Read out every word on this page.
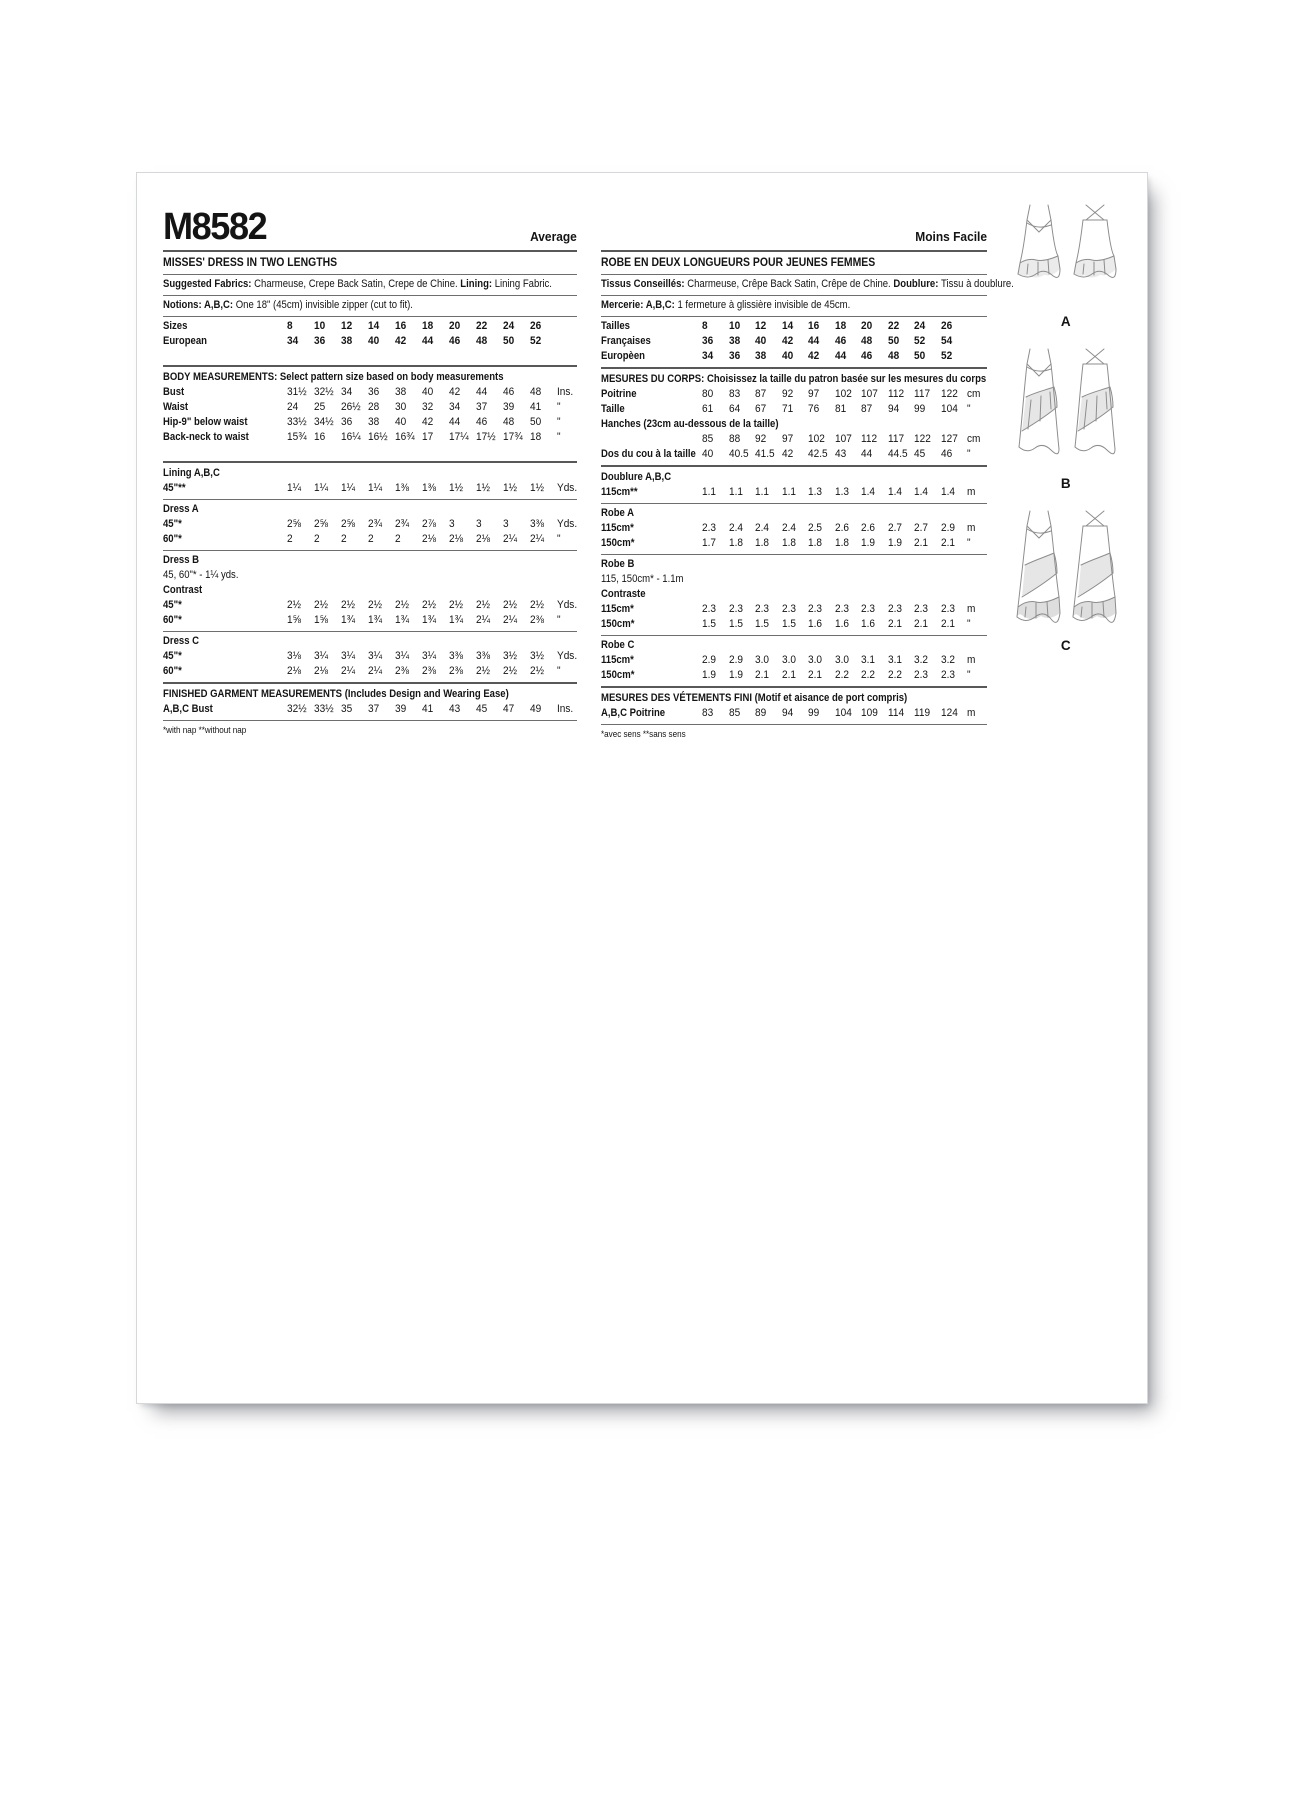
M8582	Average
MISSES' DRESS IN TWO LENGTHS
Suggested Fabrics: Charmeuse, Crepe Back Satin, Crepe de Chine. Lining: Lining Fabric.
Notions: A,B,C: One 18" (45cm) invisible zipper (cut to fit).
Sizes	8	10	12	14	16	18	20	22	24	26
European	34	36	38	40	42	44	46	48	50	52
BODY MEASUREMENTS: Select pattern size based on body measurements
Bust	31½ 32½ 34	36	38	40	42	44	46	48	Ins.
Waist	24	25	26½ 28	30	32	34	37	39	41	"
Hip-9" below waist	33½ 34½ 36	38	40	42	44	46	48	50	"
Back-neck to waist	15¾ 16	16¼ 16½ 16¾ 17	17¼ 17½ 17¾ 18	"
Lining A,B,C
45"**	1¼	1¼	1¼	1¼	1⅜	1⅜	1½	1½	1½	1½	Yds.
Dress A
45"*	2⅝	2⅝	2⅝	2¾	2¾	2⅞	3	3	3	3⅜	Yds.
60"*	2	2	2	2	2	2⅛	2⅛	2⅛	2¼	2¼	"
Dress B
45, 60"* - 1¼ yds.
Contrast
45"*	2½	2½	2½	2½	2½	2½	2½	2½	2½	2½	Yds.
60"*	1⅝	1⅝	1¾	1¾	1¾	1¾	1¾	2¼	2¼	2⅜	"
Dress C
45"*	3⅛	3¼	3¼	3¼	3¼	3¼	3⅜	3⅜	3½	3½	Yds.
60"*	2⅛	2⅛	2¼	2¼	2⅜	2⅜	2⅜	2½	2½	2½	"
FINISHED GARMENT MEASUREMENTS (Includes Design and Wearing Ease)
A,B,C Bust	32½ 33½ 35	37	39	41	43	45	47	49	Ins.
*with nap **without nap
Moins Facile
ROBE EN DEUX LONGUEURS POUR JEUNES FEMMES
Tissus Conseillés: Charmeuse, Crêpe Back Satin, Crêpe de Chine. Doublure: Tissu à doublure.
Mercerie: A,B,C: 1 fermeture à glissière invisible de 45cm.
Tailles	8	10	12	14	16	18	20	22	24	26
Françaises	36	38	40	42	44	46	48	50	52	54
Europèen	34	36	38	40	42	44	46	48	50	52
MESURES DU CORPS: Choisissez la taille du patron basée sur les mesures du corps
Poitrine	80	83	87	92	97	102 107 112 117 122 cm
Taille	61	64	67	71	76	81	87	94	99	104 "
Hanches (23cm au-dessous de la taille)
85	88	92	97	102 107 112 117 122 127 cm
Dos du cou à la taille 40	40.5 41.5 42	42.5 43	44	44.5 45	46	"
Doublure A,B,C
115cm**	1.1	1.1	1.1	1.1	1.3	1.3	1.4	1.4	1.4	1.4	m
Robe A
115cm*	2.3	2.4	2.4	2.4	2.5	2.6	2.6	2.7	2.7	2.9	m
150cm*	1.7	1.8	1.8	1.8	1.8	1.8	1.9	1.9	2.1	2.1	"
Robe B
115, 150cm* - 1.1m
Contraste
115cm*	2.3	2.3	2.3	2.3	2.3	2.3	2.3	2.3	2.3	2.3	m
150cm*	1.5	1.5	1.5	1.5	1.6	1.6	1.6	2.1	2.1	2.1	"
Robe C
115cm*	2.9	2.9	3.0	3.0	3.0	3.0	3.1	3.1	3.2	3.2	m
150cm*	1.9	1.9	2.1	2.1	2.1	2.2	2.2	2.2	2.3	2.3	"
MESURES DES VÉTEMENTS FINI (Motif et aisance de port compris)
A,B,C Poitrine	83	85	89	94	99	104 109 114 119 124 m
*avec sens **sans sens
A
B
C
